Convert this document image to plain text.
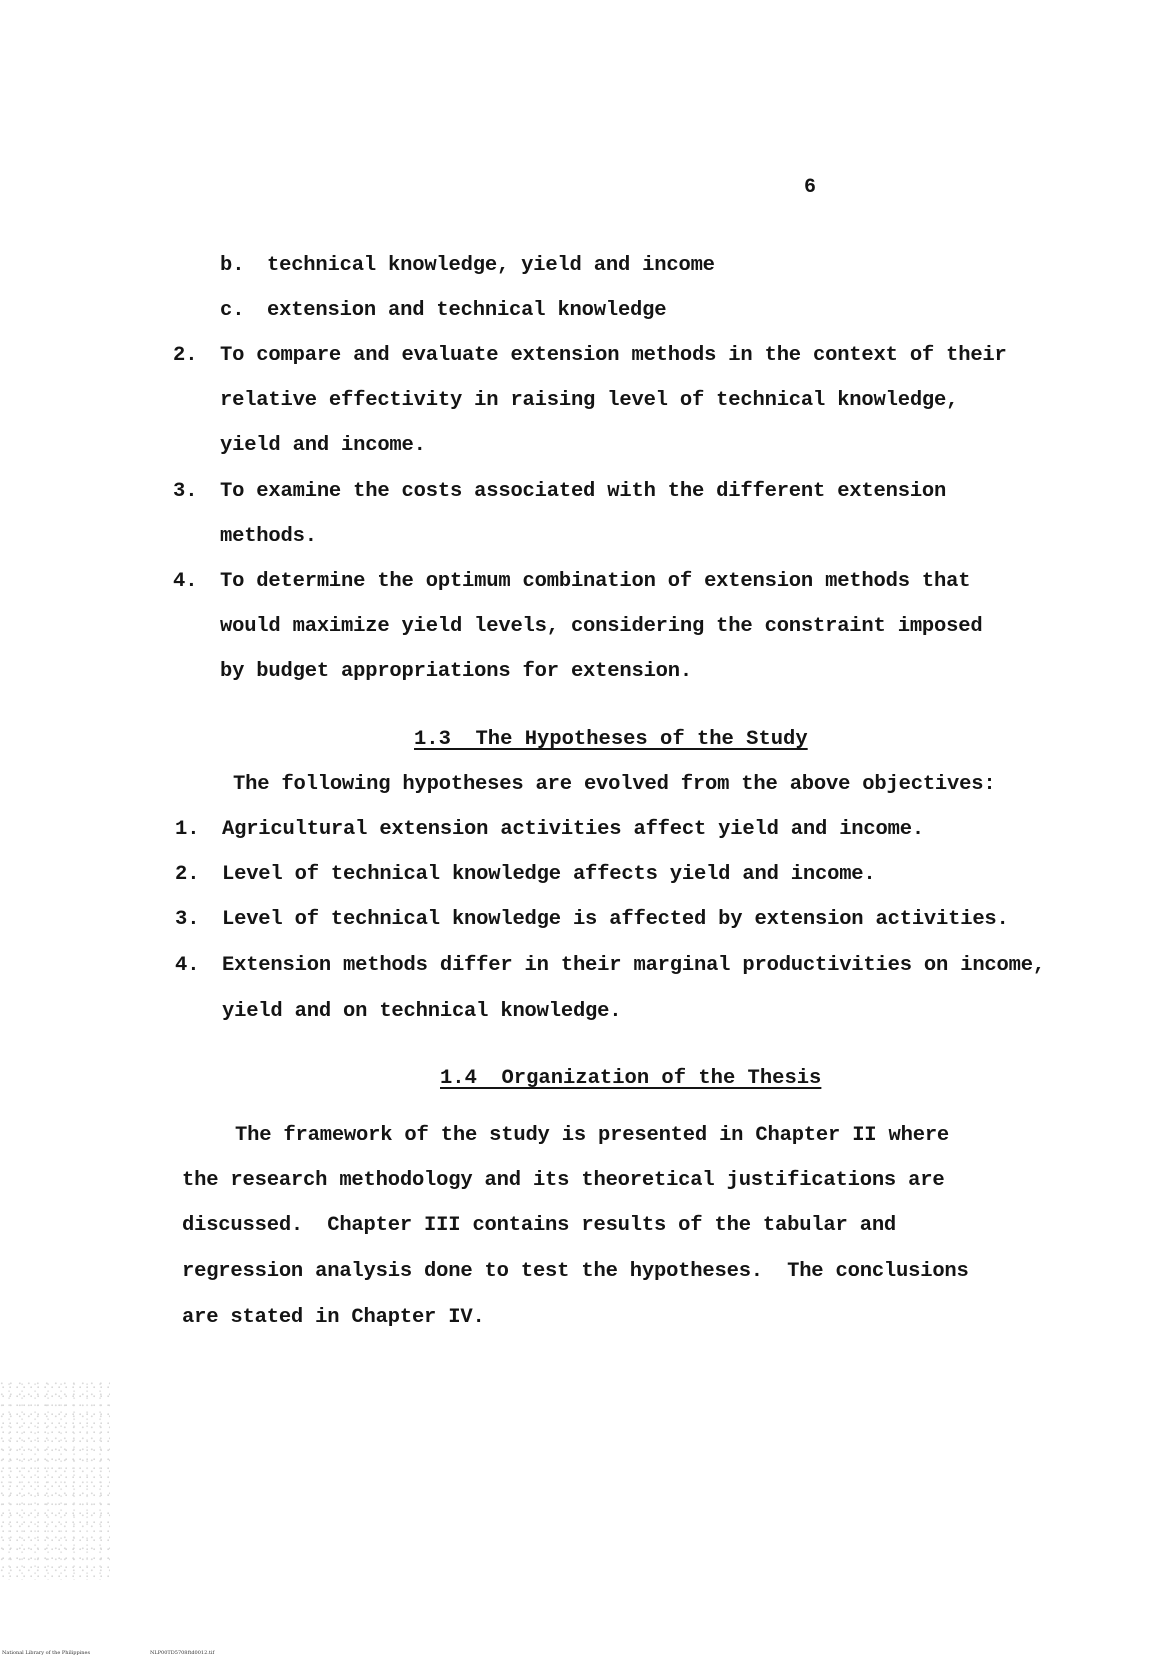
6
b. technical knowledge, yield and income
c. extension and technical knowledge
2. To compare and evaluate extension methods in the context of their
relative effectivity in raising level of technical knowledge,
yield and income.
3. To examine the costs associated with the different extension
methods.
4. To determine the optimum combination of extension methods that
would maximize yield levels, considering the constraint imposed
by budget appropriations for extension.
1.3  The Hypotheses of the Study
The following hypotheses are evolved from the above objectives:
1. Agricultural extension activities affect yield and income.
2. Level of technical knowledge affects yield and income.
3. Level of technical knowledge is affected by extension activities.
4. Extension methods differ in their marginal productivities on income,
yield and on technical knowledge.
1.4  Organization of the Thesis
The framework of the study is presented in Chapter II where
the research methodology and its theoretical justifications are
discussed.  Chapter III contains results of the tabular and
regression analysis done to test the hypotheses.  The conclusions
are stated in Chapter IV.
National Library of the Philippines	NLP00TD5708ftd0012.tif
